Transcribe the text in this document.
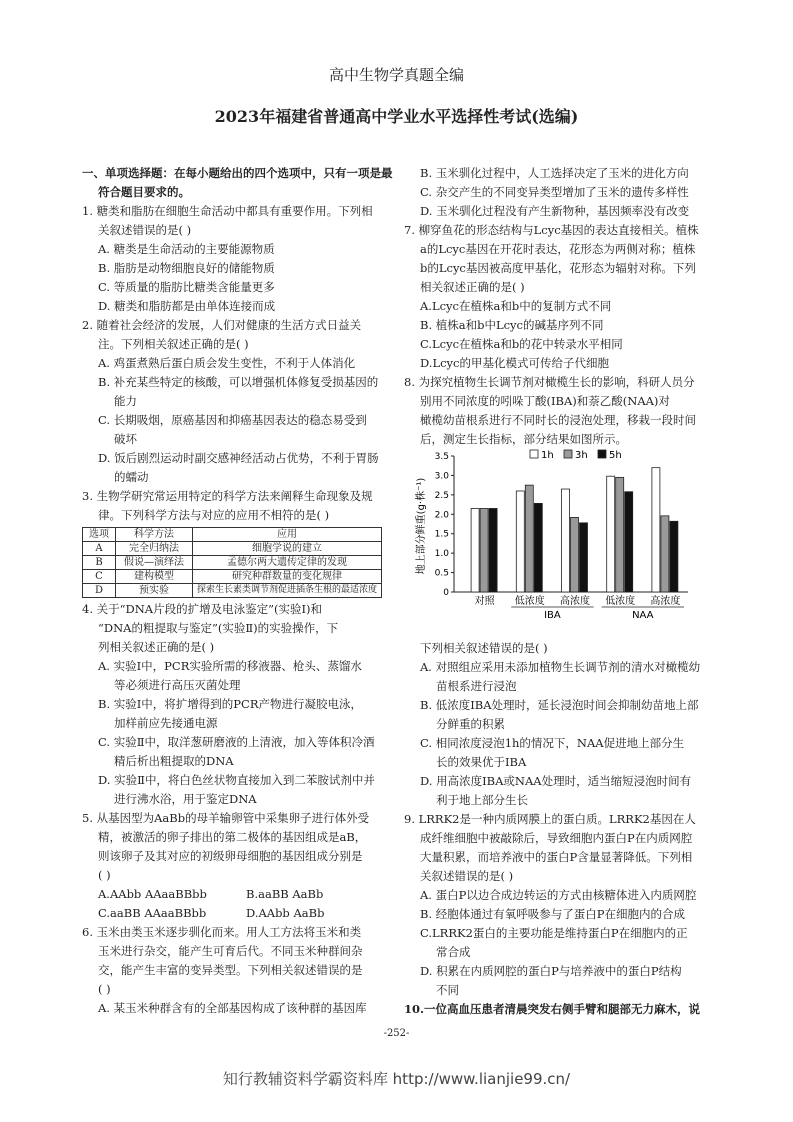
高中生物学真题全编
2023年福建省普通高中学业水平选择性考试(选编)

一、单项选择题：在每小题给出的四个选项中，只有一项是最

符合题目要求的。

1. 糖类和脂肪在细胞生命活动中都具有重要作用。下列相

关叙述错误的是( )

A. 糖类是生命活动的主要能源物质

B. 脂肪是动物细胞良好的储能物质

C. 等质量的脂肪比糖类含能量更多

D. 糖类和脂肪都是由单体连接而成

2. 随着社会经济的发展，人们对健康的生活方式日益关

注。下列相关叙述正确的是( )

A. 鸡蛋煮熟后蛋白质会发生变性，不利于人体消化

B. 补充某些特定的核酸，可以增强机体修复受损基因的

能力

C. 长期吸烟，原癌基因和抑癌基因表达的稳态易受到

破坏

D. 饭后剧烈运动时副交感神经活动占优势，不利于胃肠

的蠕动

3. 生物学研究常运用特定的科学方法来阐释生命现象及规

律。下列科学方法与对应的应用不相符的是( )

选项	科学方法	应用
A	完全归纳法	细胞学说的建立
B	假说—演绎法	孟德尔两大遗传定律的发现
C	建构模型	研究种群数量的变化规律
D	预实验	探索生长素类调节剂促进插条生根的最适浓度

4. 关于“DNA片段的扩增及电泳鉴定”(实验Ⅰ)和

“DNA的粗提取与鉴定”(实验Ⅱ)的实验操作，下

列相关叙述正确的是( )

A. 实验Ⅰ中，PCR实验所需的移液器、枪头、蒸馏水

等必须进行高压灭菌处理

B. 实验Ⅰ中，将扩增得到的PCR产物进行凝胶电泳，

加样前应先接通电源

C. 实验Ⅱ中，取洋葱研磨液的上清液，加入等体积冷酒

精后析出粗提取的DNA

D. 实验Ⅱ中，将白色丝状物直接加入到二苯胺试剂中并

进行沸水浴，用于鉴定DNA

5. 从基因型为AaBb的母羊输卵管中采集卵子进行体外受

精，被激活的卵子排出的第二极体的基因组成是aB，

则该卵子及其对应的初级卵母细胞的基因组成分别是

( )

A.AAbb AAaaBBbb	B.aaBB AaBb
C.aaBB AAaaBBbb	D.AAbb AaBb

6. 玉米由类玉米逐步驯化而来。用人工方法将玉米和类

玉米进行杂交，能产生可育后代。不同玉米种群间杂

交，能产生丰富的变异类型。下列相关叙述错误的是

( )

A. 某玉米种群含有的全部基因构成了该种群的基因库

B. 玉米驯化过程中，人工选择决定了玉米的进化方向

C. 杂交产生的不同变异类型增加了玉米的遗传多样性

D. 玉米驯化过程没有产生新物种，基因频率没有改变

7. 柳穿鱼花的形态结构与Lcyc基因的表达直接相关。植株

a的Lcyc基因在开花时表达，花形态为两侧对称；植株

b的Lcyc基因被高度甲基化，花形态为辐射对称。下列

相关叙述正确的是( )

A.Lcyc在植株a和b中的复制方式不同

B. 植株a和b中Lcyc的碱基序列不同

C.Lcyc在植株a和b的花中转录水平相同

D.Lcyc的甲基化模式可传给子代细胞

8. 为探究植物生长调节剂对橄榄生长的影响，科研人员分

别用不同浓度的吲哚丁酸(IBA)和萘乙酸(NAA)对

橄榄幼苗根系进行不同时长的浸泡处理，移栽一段时间

后，测定生长指标，部分结果如图所示。

下列相关叙述错误的是( )

A. 对照组应采用未添加植物生长调节剂的清水对橄榄幼

苗根系进行浸泡

B. 低浓度IBA处理时，延长浸泡时间会抑制幼苗地上部

分鲜重的积累

C. 相同浓度浸泡1h的情况下，NAA促进地上部分生

长的效果优于IBA

D. 用高浓度IBA或NAA处理时，适当缩短浸泡时间有

利于地上部分生长

9. LRRK2是一种内质网膜上的蛋白质。LRRK2基因在人

成纤维细胞中被敲除后，导致细胞内蛋白P在内质网腔

大量积累，而培养液中的蛋白P含量显著降低。下列相

关叙述错误的是( )

A. 蛋白P以边合成边转运的方式由核糖体进入内质网腔

B. 经胞体通过有氧呼吸参与了蛋白P在细胞内的合成

C.LRRK2蛋白的主要功能是维持蛋白P在细胞内的正

常合成

D. 积累在内质网腔的蛋白P与培养液中的蛋白P结构

不同

10.一位高血压患者清晨突发右侧手臂和腿部无力麻木，说

地上部分鲜重(g·株⁻¹)
0
0.5
1.0
1.5
2.0
2.5
3.0
3.5
对照 低浓度 高浓度 低浓度 高浓度
IBA	NAA
1h 3h 5h
-252-
知行教辅资料学霸资料库 http://www.lianjie99.cn/
